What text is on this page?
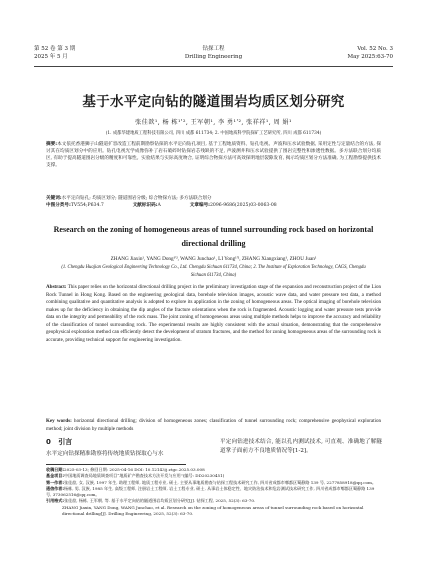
第 52 卷 第 3 期
2025 年 5 月
钻探工程
Drilling Engineering
Vol. 52 No. 3
May 2025:63-70
基于水平定向钻的隧道围岩均质区划分研究
张佳歆¹, 杨 栋¹'², 王军朝¹, 李 勇¹'², 张祥祥¹, 周 娟¹
(1. 成都华建地质工程科技有限公司, 四川 成都 611734; 2. 中国地质科学院探矿工艺研究所, 四川 成都 611734)
摘要:本文依托香港狮子山隧道扩容改造工程前期勘察钻探的水平定向钻孔项目, 基于工程地质资料、钻孔电视、声波和压水试验数据, 采用定性与定量结合的方法, 探讨其在均质区划分中的应用。钻孔电视光学成像弥补了岩石破碎时钻探岩芯残缺的不足, 声波测井和压水试验提供了围岩完整性和渗透性数据。多方法联合划分均质区, 有助于提高隧道围岩分级的精度和可靠性。实验结果与实际高度吻合, 证明综合物探方法可高效探明地层裂隙发育, 揭示均质区划分方法准确, 为工程勘察提供技术支撑。
关键词:水平定向钻孔; 均质区划分; 隧道围岩分级; 综合物探方法; 多方法联合划分
中图分类号:TV554;P634.7	文献标识码:A	文章编号:2096-9686(2025)03-0063-08
Research on the zoning of homogeneous areas of tunnel surrounding rock based on horizontal directional drilling
ZHANG Jiaxin¹, YANG Dong¹'², WANG Junchao¹, LI Yong¹'², ZHANG Xiangxiang¹, ZHOU Juan¹
(1. Chengdu Huajian Geological Engineering Technology Co., Ltd. Chengdu Sichuan 611734, China; 2. The Institute of Exploration Technology, CAGS, Chengdu Sichuan 611734, China)
Abstract: This paper relies on the horizontal directional drilling project in the preliminary investigation stage of the expansion and reconstruction project of the Lion Rock Tunnel in Hong Kong. Based on the engineering geological data, borehole television images, acoustic wave data, and water pressure test data, a method combining qualitative and quantitative analysis is adopted to explore its application in the zoning of homogeneous areas. The optical imaging of borehole television makes up for the deficiency in obtaining the dip angles of the fracture orientations when the rock is fragmented. Acoustic logging and water pressure tests provide data on the integrity and permeability of the rock mass. The joint zoning of homogeneous areas using multiple methods helps to improve the accuracy and reliability of the classification of tunnel surrounding rock. The experimental results are highly consistent with the actual situation, demonstrating that the comprehensive geophysical exploration method can efficiently detect the development of stratum fractures, and the method for zoning homogeneous areas of the surrounding rock is accurate, providing technical support for engineering investigation.
Key words: horizontal directional drilling; division of homogeneous zones; classification of tunnel surrounding rock; comprehensive geophysical exploration method; joint division by multiple methods
0 引言
水平定向钻探精准勘察将传统地质钻探取心与水
平定向钻进技术结合, 能以孔内测试技术, 可直观、准确地了解隧道掌子面前方不良地质情况等[1-2]。
收稿日期:2025-03-13; 修回日期: 2025-04-16 DOI: 10.12143/j.ztgc.2025.03.008
基金项目:中国地质调查局地质调查项目“地质矿产勘查技术方法开发与应用”(编号: DD20230451)
第一作者:张佳歆, 女, 汉族, 1997 年生, 助理工程师, 地质工程专业, 硕士, 主要从事地质勘查与钻探工程技术研究工作, 四川省成都市郫都区蜀静路 139 号, 2277858918@qq.com。
通信作者:杨栋, 男, 汉族, 1985 年生, 高级工程师, 注册岩土工程师, 岩土工程专业, 硕士, 从事岩土体稳定性、地灾防治技术和危岩测试技术研究工作, 四川省成都市郫都区蜀静路 139 号, 373062516@qq.com。
引用格式:张佳歆, 杨栋, 王军朝, 等. 基于水平定向钻的隧道围岩均质区划分研究[J]. 钻探工程, 2025, 52(3): 63-70.
ZHANG Jiaxin, YANG Dong, WANG Junchao, et al. Research on the zoning of homogeneous areas of tunnel surrounding rock based on horizontal directional drilling[J]. Drilling Engineering, 2025, 52(3): 63-70.
